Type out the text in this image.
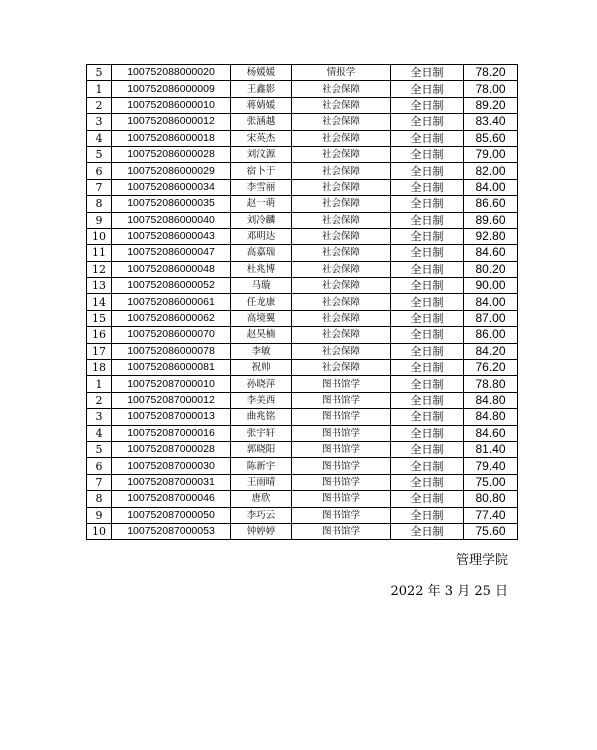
5	100752088000020	杨媛媛	情报学	全日制	78.20
1	100752086000009	王鑫影	社会保障	全日制	78.00
2	100752086000010	蒋婧媛	社会保障	全日制	89.20
3	100752086000012	张涵越	社会保障	全日制	83.40
4	100752086000018	宋英杰	社会保障	全日制	85.60
5	100752086000028	刘汶源	社会保障	全日制	79.00
6	100752086000029	宿卜于	社会保障	全日制	82.00
7	100752086000034	李雪丽	社会保障	全日制	84.00
8	100752086000035	赵一萌	社会保障	全日制	86.60
9	100752086000040	刘冷麟	社会保障	全日制	89.60
10	100752086000043	邓明达	社会保障	全日制	92.80
11	100752086000047	高嘉瑞	社会保障	全日制	84.60
12	100752086000048	杜兆博	社会保障	全日制	80.20
13	100752086000052	马璇	社会保障	全日制	90.00
14	100752086000061	任龙康	社会保障	全日制	84.00
15	100752086000062	高境翼	社会保障	全日制	87.00
16	100752086000070	赵昊楠	社会保障	全日制	86.00
17	100752086000078	李敏	社会保障	全日制	84.20
18	100752086000081	祝帅	社会保障	全日制	76.20
1	100752087000010	孙晓萍	图书馆学	全日制	78.80
2	100752087000012	李美西	图书馆学	全日制	84.80
3	100752087000013	曲兆铭	图书馆学	全日制	84.80
4	100752087000016	张宇轩	图书馆学	全日制	84.60
5	100752087000028	郭晓阳	图书馆学	全日制	81.40
6	100752087000030	陈新宇	图书馆学	全日制	79.40
7	100752087000031	王雨晴	图书馆学	全日制	75.00
8	100752087000046	唐欣	图书馆学	全日制	80.80
9	100752087000050	李巧云	图书馆学	全日制	77.40
10	100752087000053	钟婷婷	图书馆学	全日制	75.60
管理学院
2022 年 3 月 25 日
